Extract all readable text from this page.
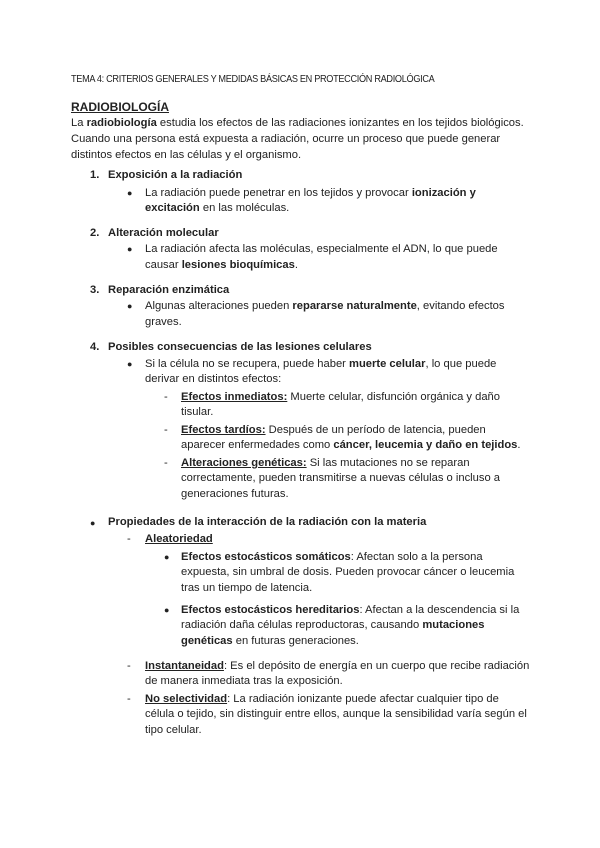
TEMA 4: CRITERIOS GENERALES Y MEDIDAS BÁSICAS EN PROTECCIÓN RADIOLÓGICA
RADIOBIOLOGÍA
La radiobiología estudia los efectos de las radiaciones ionizantes en los tejidos biológicos.
Cuando una persona está expuesta a radiación, ocurre un proceso que puede generar
distintos efectos en las células y el organismo.
1. Exposición a la radiación
● La radiación puede penetrar en los tejidos y provocar ionización y
excitación en las moléculas.
2. Alteración molecular
● La radiación afecta las moléculas, especialmente el ADN, lo que puede
causar lesiones bioquímicas.
3. Reparación enzimática
● Algunas alteraciones pueden repararse naturalmente, evitando efectos
graves.
4. Posibles consecuencias de las lesiones celulares
● Si la célula no se recupera, puede haber muerte celular, lo que puede
derivar en distintos efectos:
- Efectos inmediatos: Muerte celular, disfunción orgánica y daño
tisular.
- Efectos tardíos: Después de un período de latencia, pueden
aparecer enfermedades como cáncer, leucemia y daño en tejidos.
- Alteraciones genéticas: Si las mutaciones no se reparan
correctamente, pueden transmitirse a nuevas células o incluso a
generaciones futuras.
● Propiedades de la interacción de la radiación con la materia
- Aleatoriedad
● Efectos estocásticos somáticos: Afectan solo a la persona
expuesta, sin umbral de dosis. Pueden provocar cáncer o leucemia
tras un tiempo de latencia.
● Efectos estocásticos hereditarios: Afectan a la descendencia si la
radiación daña células reproductoras, causando mutaciones
genéticas en futuras generaciones.
- Instantaneidad: Es el depósito de energía en un cuerpo que recibe radiación
de manera inmediata tras la exposición.
- No selectividad: La radiación ionizante puede afectar cualquier tipo de
célula o tejido, sin distinguir entre ellos, aunque la sensibilidad varía según el
tipo celular.
